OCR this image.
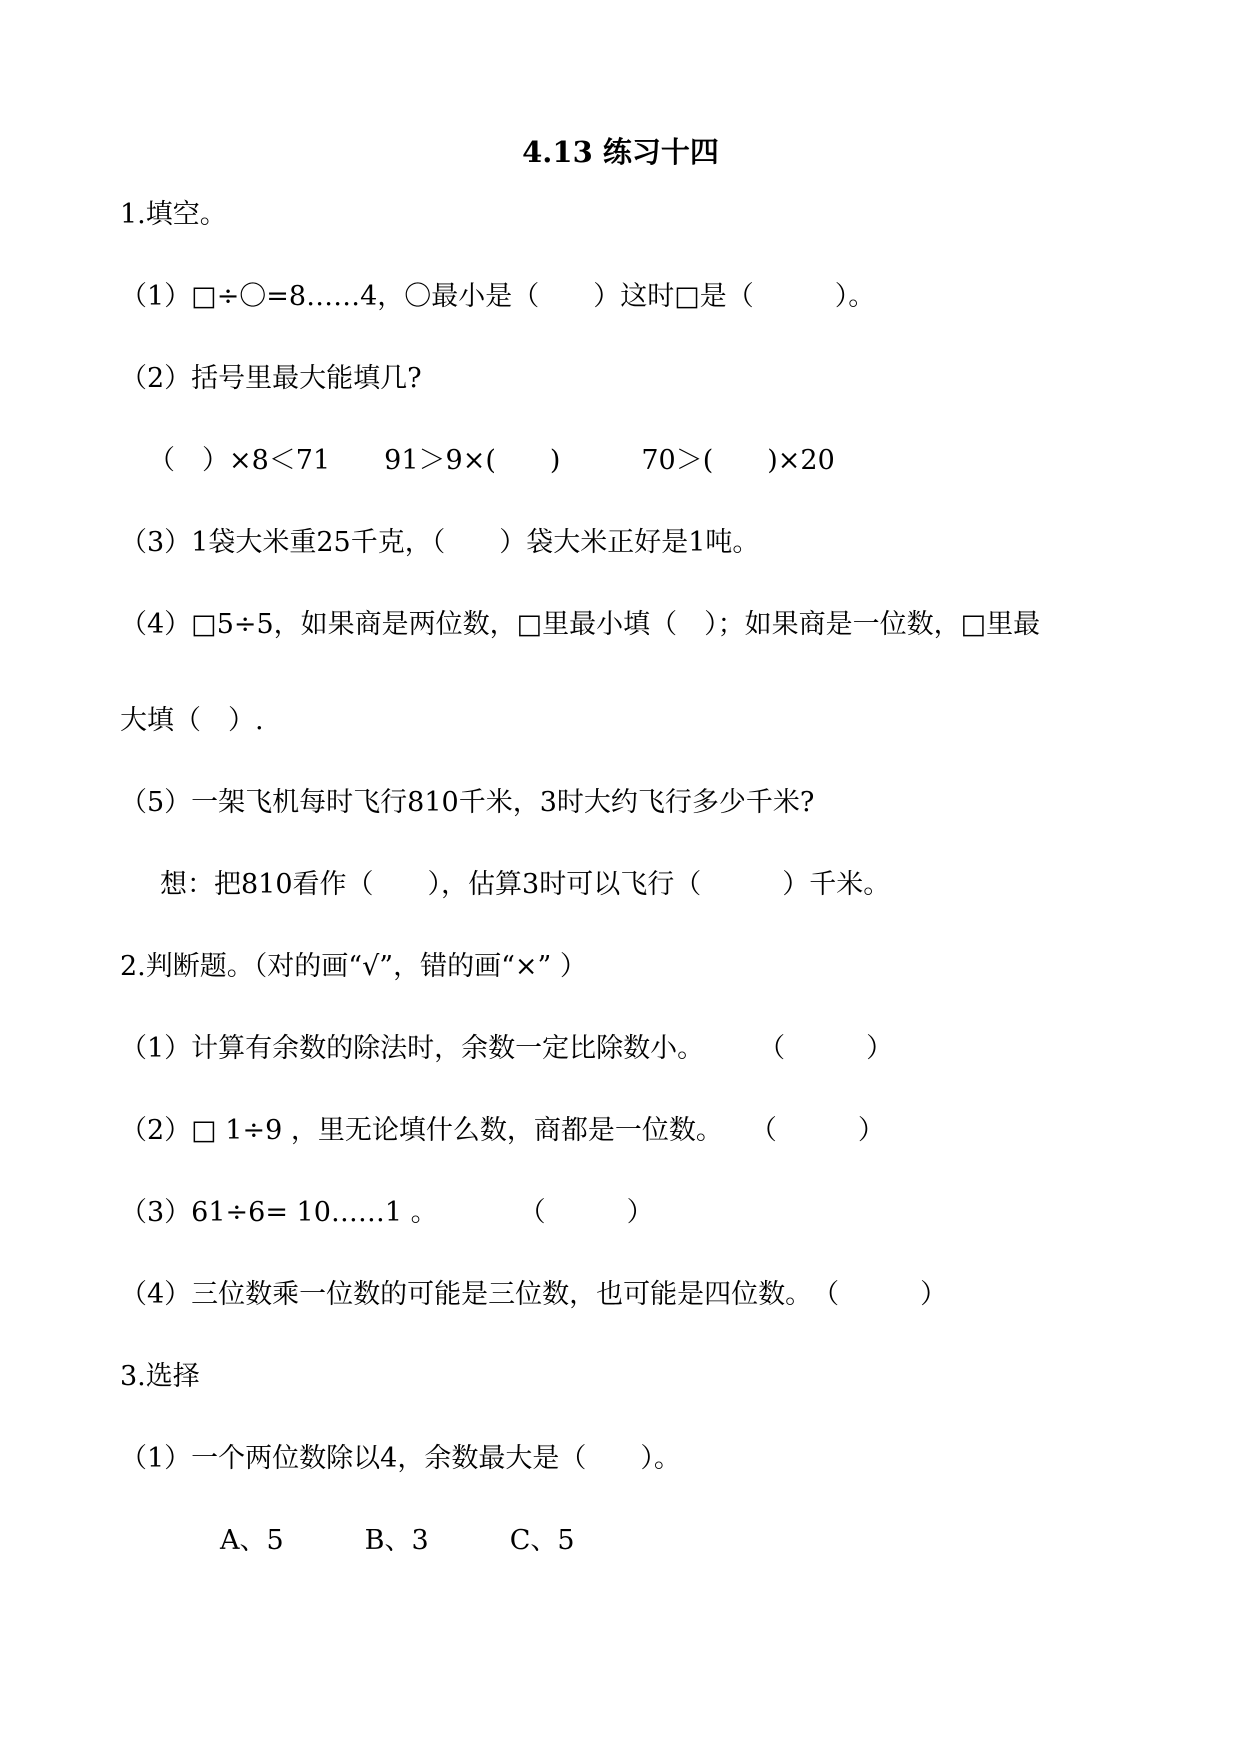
4.13 练习十四

1.填空。

（1）□÷〇=8……4，〇最小是（　　）这时□是（　　　）。

（2）括号里最大能填几?

（　）×8＜71　　91＞9×(　　)　　　70＞(　　)×20

（3）1袋大米重25千克，（　　）袋大米正好是1吨。

（4）□5÷5，如果商是两位数，□里最小填（　）；如果商是一位数，□里最

大填（　）.

（5）一架飞机每时飞行810千米，3时大约飞行多少千米?

想：把810看作（　　），估算3时可以飞行（　　　）千米。

2.判断题。（对的画“√”，错的画“×” ）

（1）计算有余数的除法时，余数一定比除数小。　　　（　　　）

（2）□ 1÷9 ，里无论填什么数，商都是一位数。　　（　　　）

（3）61÷6= 10……1 。　　　　（　　　）

（4）三位数乘一位数的可能是三位数，也可能是四位数。　（　　　）

3.选择

（1）一个两位数除以4，余数最大是（　　）。

A、5　　　B、3　　　C、5
